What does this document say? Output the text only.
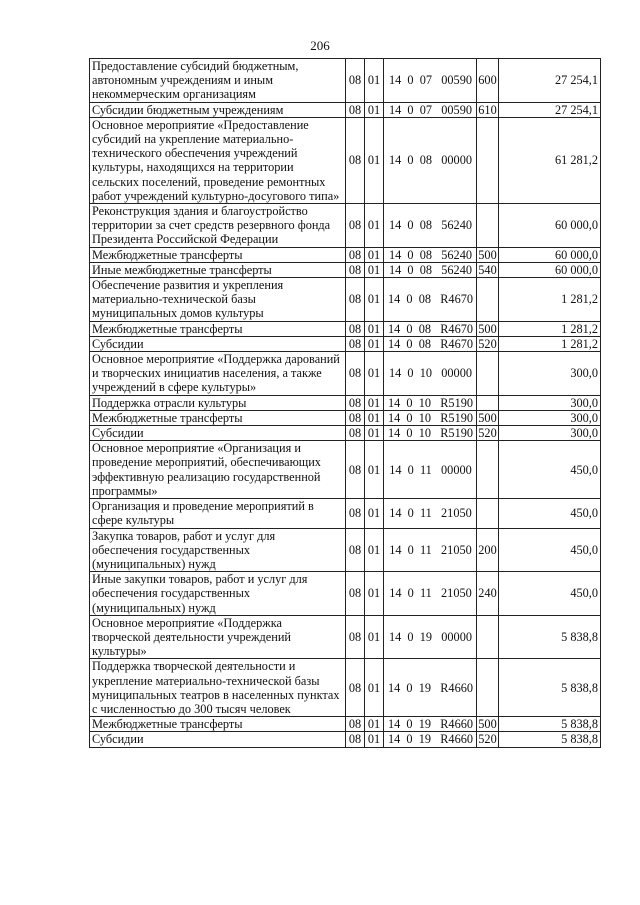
206
Предоставление субсидий бюджетным, автономным учреждениям и иным некоммерческим организациям	08	01	14  0  07   00590	600	27 254,1
Субсидии бюджетным учреждениям	08	01	14  0  07   00590	610	27 254,1
Основное мероприятие «Предоставление субсидий на укрепление материально-технического обеспечения учреждений культуры, находящихся на территории сельских поселений, проведение ремонтных работ учреждений культурно-досугового типа»	08	01	14  0  08   00000		61 281,2
Реконструкция здания и благоустройство территории за счет средств резервного фонда Президента Российской Федерации	08	01	14  0  08   56240		60 000,0
Межбюджетные трансферты	08	01	14  0  08   56240	500	60 000,0
Иные межбюджетные трансферты	08	01	14  0  08   56240	540	60 000,0
Обеспечение развития и укрепления материально-технической базы муниципальных домов культуры	08	01	14  0  08   R4670		1 281,2
Межбюджетные трансферты	08	01	14  0  08   R4670	500	1 281,2
Субсидии	08	01	14  0  08   R4670	520	1 281,2
Основное мероприятие «Поддержка дарований и творческих инициатив населения, а также учреждений в сфере культуры»	08	01	14  0  10   00000		300,0
Поддержка отрасли культуры	08	01	14  0  10   R5190		300,0
Межбюджетные трансферты	08	01	14  0  10   R5190	500	300,0
Субсидии	08	01	14  0  10   R5190	520	300,0
Основное мероприятие «Организация и проведение мероприятий, обеспечивающих эффективную реализацию государственной программы»	08	01	14  0  11   00000		450,0
Организация и проведение мероприятий в сфере культуры	08	01	14  0  11   21050		450,0
Закупка товаров, работ и услуг для обеспечения государственных (муниципальных) нужд	08	01	14  0  11   21050	200	450,0
Иные закупки товаров, работ и услуг для обеспечения государственных (муниципальных) нужд	08	01	14  0  11   21050	240	450,0
Основное мероприятие «Поддержка творческой деятельности учреждений культуры»	08	01	14  0  19   00000		5 838,8
Поддержка творческой деятельности и укрепление материально-технической базы муниципальных театров в населенных пунктах с численностью до 300 тысяч человек	08	01	14  0  19   R4660		5 838,8
Межбюджетные трансферты	08	01	14  0  19   R4660	500	5 838,8
Субсидии	08	01	14  0  19   R4660	520	5 838,8
